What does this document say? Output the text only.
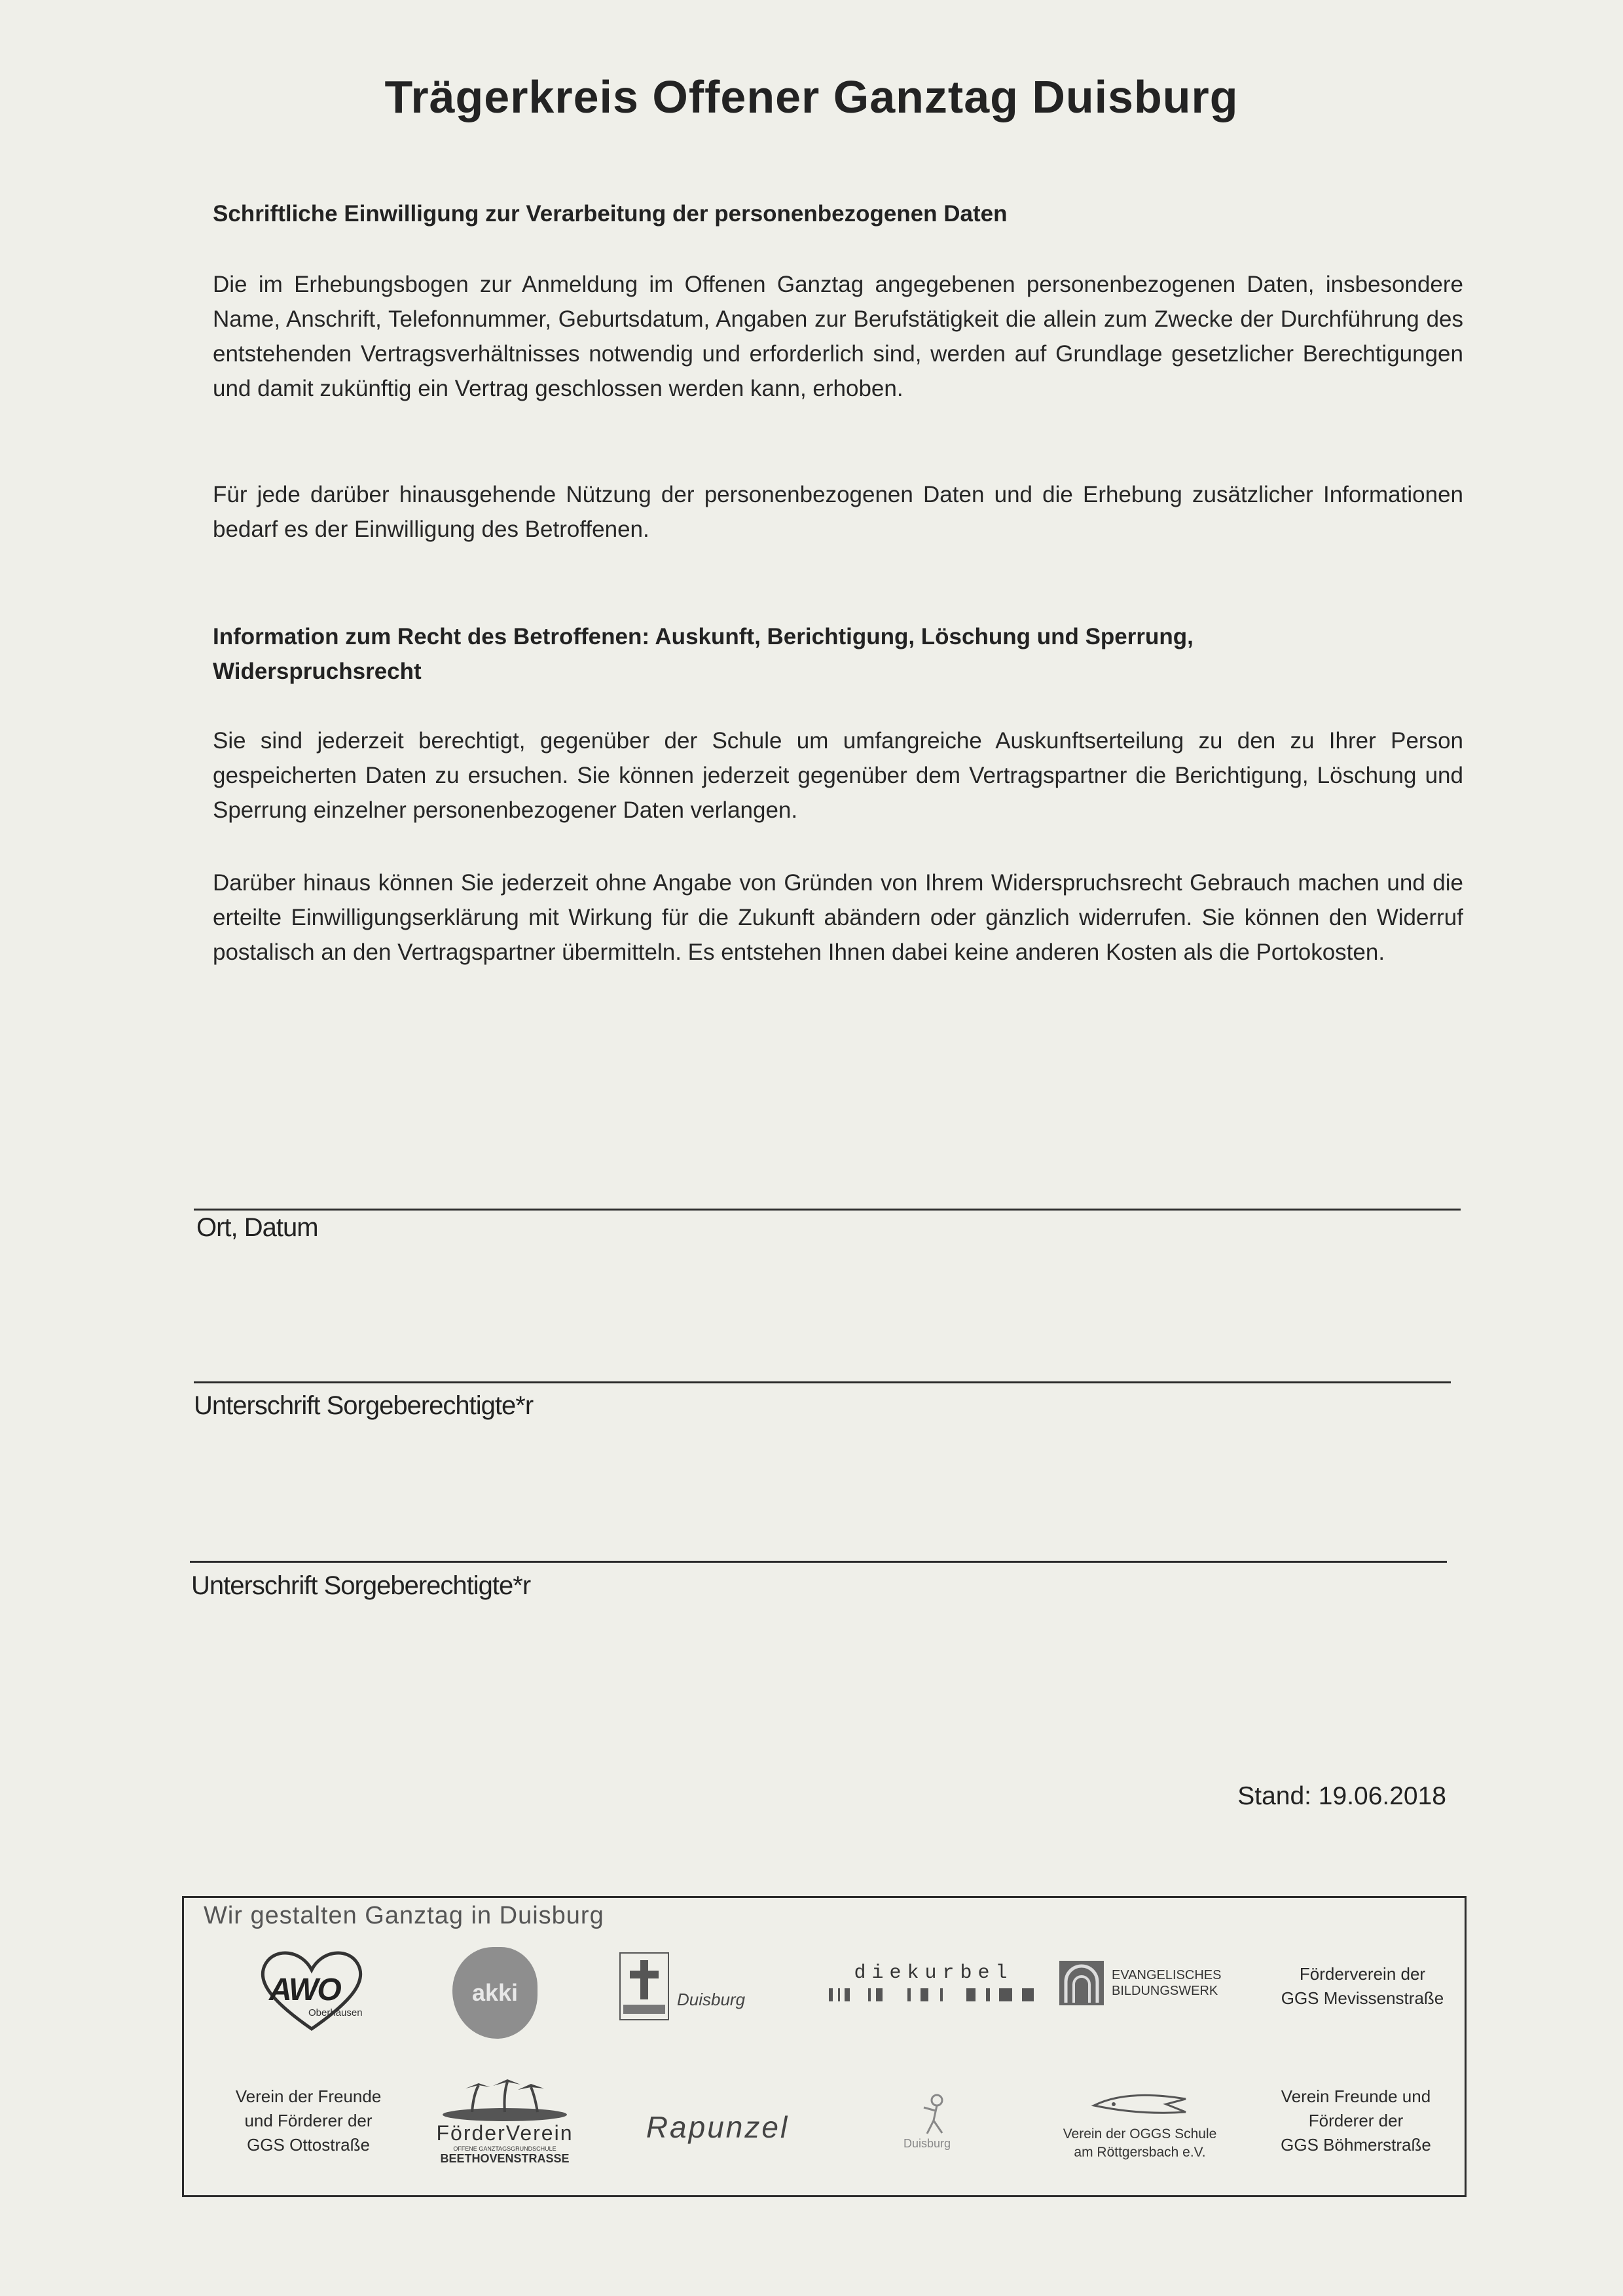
Trägerkreis Offener Ganztag Duisburg
Schriftliche Einwilligung zur Verarbeitung der personenbezogenen Daten
Die im Erhebungsbogen zur Anmeldung im Offenen Ganztag angegebenen personenbezogenen Daten, insbesondere Name, Anschrift, Telefonnummer, Geburtsdatum, Angaben zur Berufstätigkeit die allein zum Zwecke der Durchführung des entstehenden Vertragsverhältnisses notwendig und erforderlich sind, werden auf Grundlage gesetzlicher Berechtigungen und damit zukünftig ein Vertrag geschlossen werden kann, erhoben.
Für jede darüber hinausgehende Nützung der personenbezogenen Daten und die Erhebung zusätzlicher Informationen bedarf es der Einwilligung des Betroffenen.
Information zum Recht des Betroffenen: Auskunft, Berichtigung, Löschung und Sperrung, Widerspruchsrecht
Sie sind jederzeit berechtigt, gegenüber der Schule um umfangreiche Auskunftserteilung zu den zu Ihrer Person gespeicherten Daten zu ersuchen. Sie können jederzeit gegenüber dem Vertragspartner die Berichtigung, Löschung und Sperrung einzelner personenbezogener Daten verlangen.
Darüber hinaus können Sie jederzeit ohne Angabe von Gründen von Ihrem Widerspruchsrecht Gebrauch machen und die erteilte Einwilligungserklärung mit Wirkung für die Zukunft abändern oder gänzlich widerrufen. Sie können den Widerruf postalisch an den Vertragspartner übermitteln. Es entstehen Ihnen dabei keine anderen Kosten als die Portokosten.
Ort, Datum
Unterschrift Sorgeberechtigte*r
Unterschrift Sorgeberechtigte*r
Stand: 19.06.2018
Wir gestalten Ganztag in Duisburg
AWO
Oberhausen
akki	Duisburg
diekurbel	EVANGELISCHES
BILDUNGSWERK
Förderverein der
GGS Mevissenstraße
Verein der Freunde
und Förderer der
GGS Ottostraße	FörderVerein
OFFENE GANZTAGSGRUNDSCHULE
BEETHOVENSTRASSE
Rapunzel	Duisburg
Verein der OGGS Schule
am Röttgersbach e.V.
Verein Freunde und
Förderer der
GGS Böhmerstraße
